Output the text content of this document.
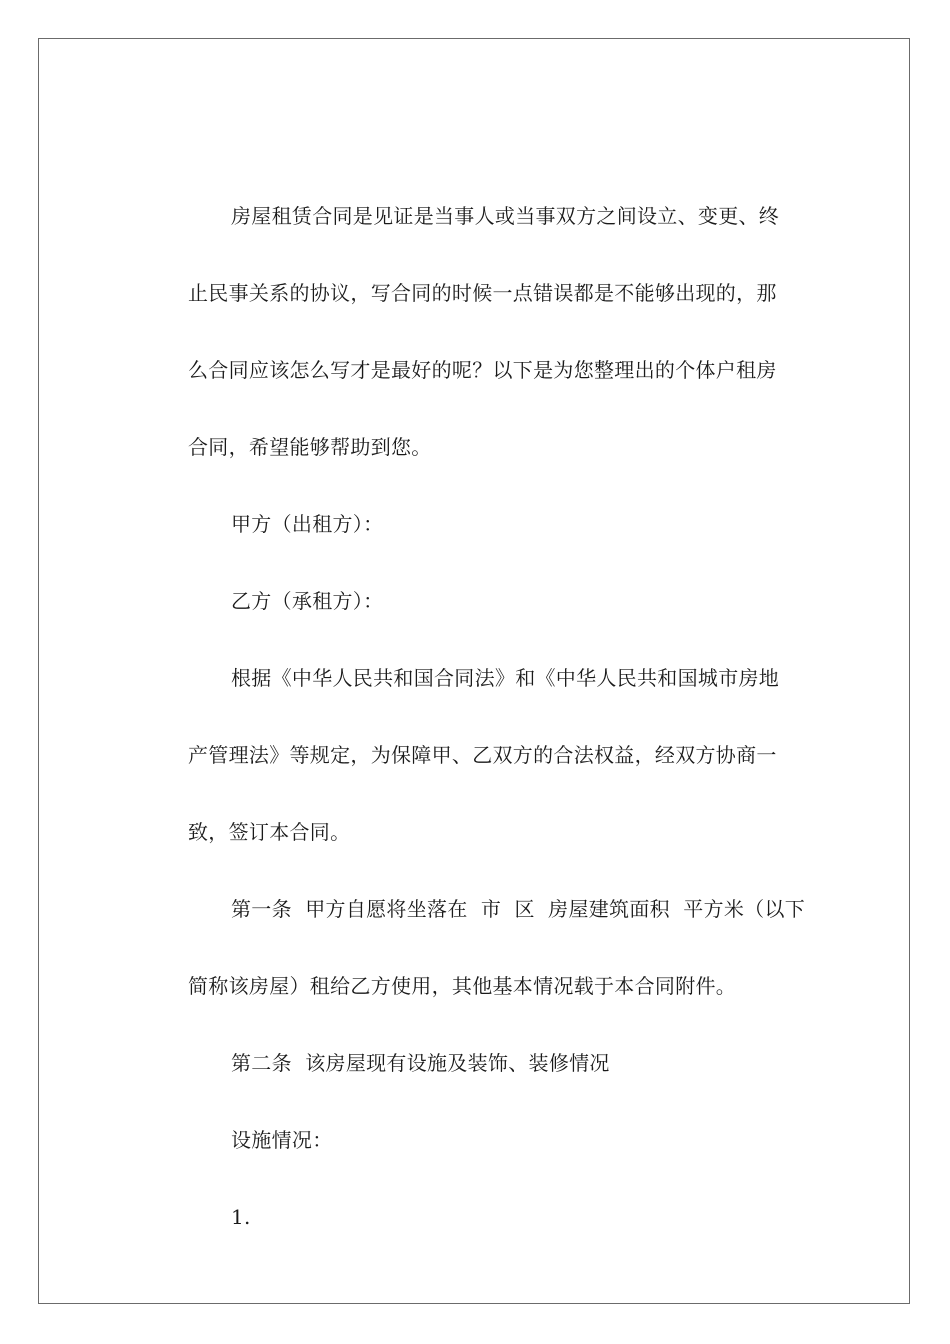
房屋租赁合同是见证是当事人或当事双方之间设立、变更、终
止民事关系的协议，写合同的时候一点错误都是不能够出现的，那
么合同应该怎么写才是最好的呢？以下是为您整理出的个体户租房
合同，希望能够帮助到您。
甲方（出租方）：
乙方（承租方）：
根据《中华人民共和国合同法》和《中华人民共和国城市房地
产管理法》等规定，为保障甲、乙双方的合法权益，经双方协商一
致，签订本合同。
第一条  甲方自愿将坐落在  市  区  房屋建筑面积  平方米（以下
简称该房屋）租给乙方使用，其他基本情况载于本合同附件。
第二条  该房屋现有设施及装饰、装修情况
设施情况：
1.
